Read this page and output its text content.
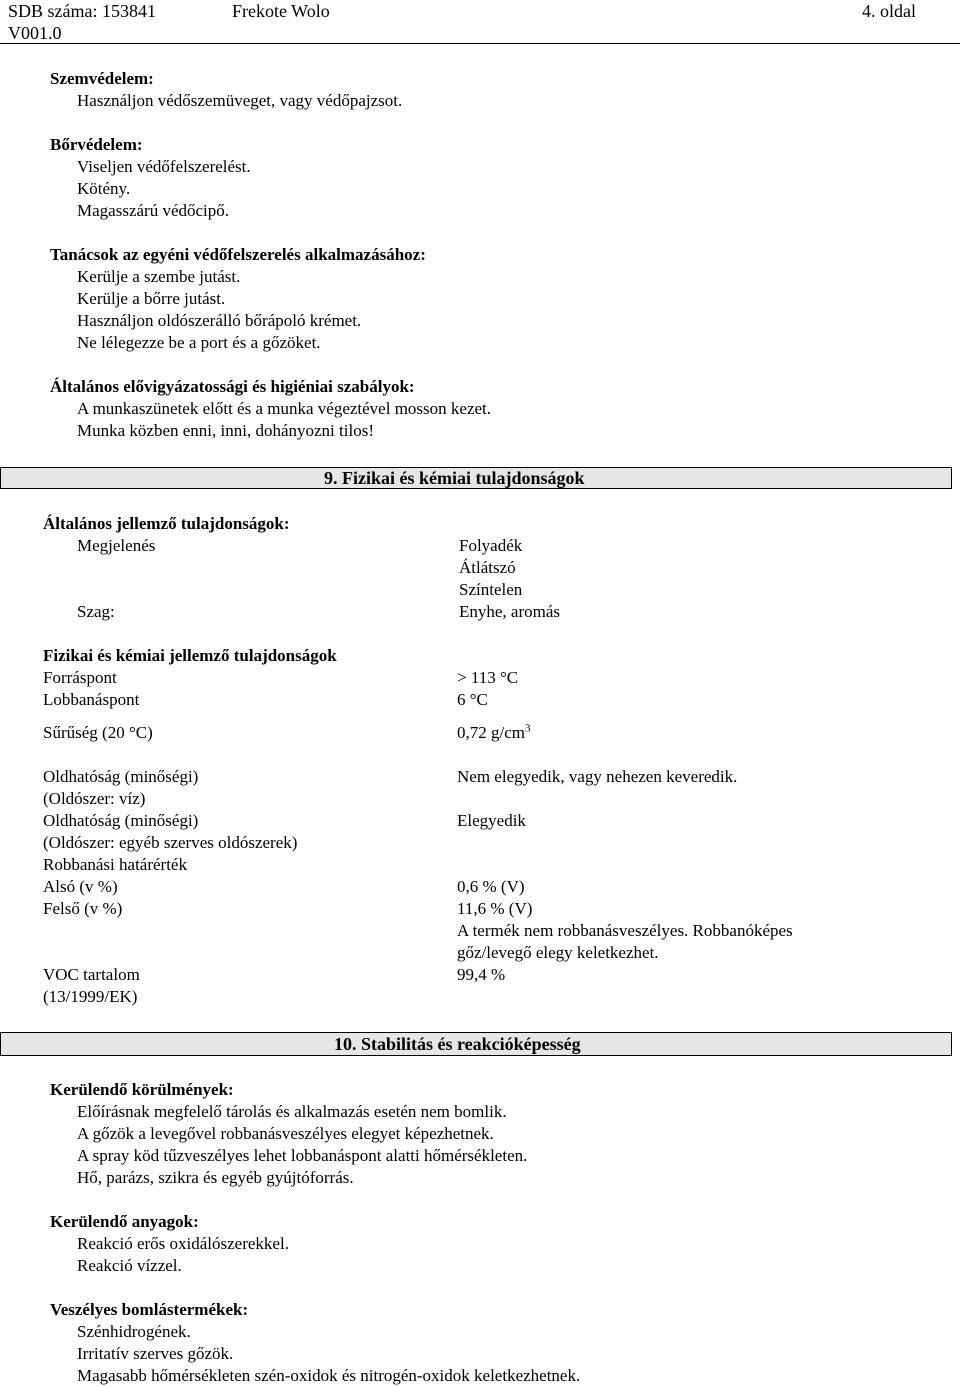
SDB száma: 153841	Frekote Wolo	4. oldal
V001.0
Szemvédelem:
Használjon védőszemüveget, vagy védőpajzsot.
Bőrvédelem:
Viseljen védőfelszerelést.
Kötény.
Magasszárú védőcipő.
Tanácsok az egyéni védőfelszerelés alkalmazásához:
Kerülje a szembe jutást.
Kerülje a bőrre jutást.
Használjon oldószerálló bőrápoló krémet.
Ne lélegezze be a port és a gőzöket.
Általános elővigyázatossági és higiéniai szabályok:
A munkaszünetek előtt és a munka végeztével mosson kezet.
Munka közben enni, inni, dohányozni tilos!
9. Fizikai és kémiai tulajdonságok
Általános jellemző tulajdonságok:
Megjelenés	Folyadék
Átlátszó
Színtelen
Szag:	Enyhe, aromás
Fizikai és kémiai jellemző tulajdonságok
Forráspont	> 113 °C
Lobbanáspont	6 °C
Sűrűség (20 °C)	0,72 $g/cm^3$
Oldhatóság (minőségi)	Nem elegyedik, vagy nehezen keveredik.
(Oldószer: víz)
Oldhatóság (minőségi)	Elegyedik
(Oldószer: egyéb szerves oldószerek)
Robbanási határérték
Alsó (v %)	0,6 % (V)
Felső (v %)	11,6 % (V)
A termék nem robbanásveszélyes. Robbanóképes
gőz/levegő elegy keletkezhet.
VOC tartalom	99,4 %
(13/1999/EK)
10. Stabilitás és reakcióképesség
Kerülendő körülmények:
Előírásnak megfelelő tárolás és alkalmazás esetén nem bomlik.
A gőzök a levegővel robbanásveszélyes elegyet képezhetnek.
A spray köd tűzveszélyes lehet lobbanáspont alatti hőmérsékleten.
Hő, parázs, szikra és egyéb gyújtóforrás.
Kerülendő anyagok:
Reakció erős oxidálószerekkel.
Reakció vízzel.
Veszélyes bomlástermékek:
Szénhidrogének.
Irritatív szerves gőzök.
Magasabb hőmérsékleten szén-oxidok és nitrogén-oxidok keletkezhetnek.
